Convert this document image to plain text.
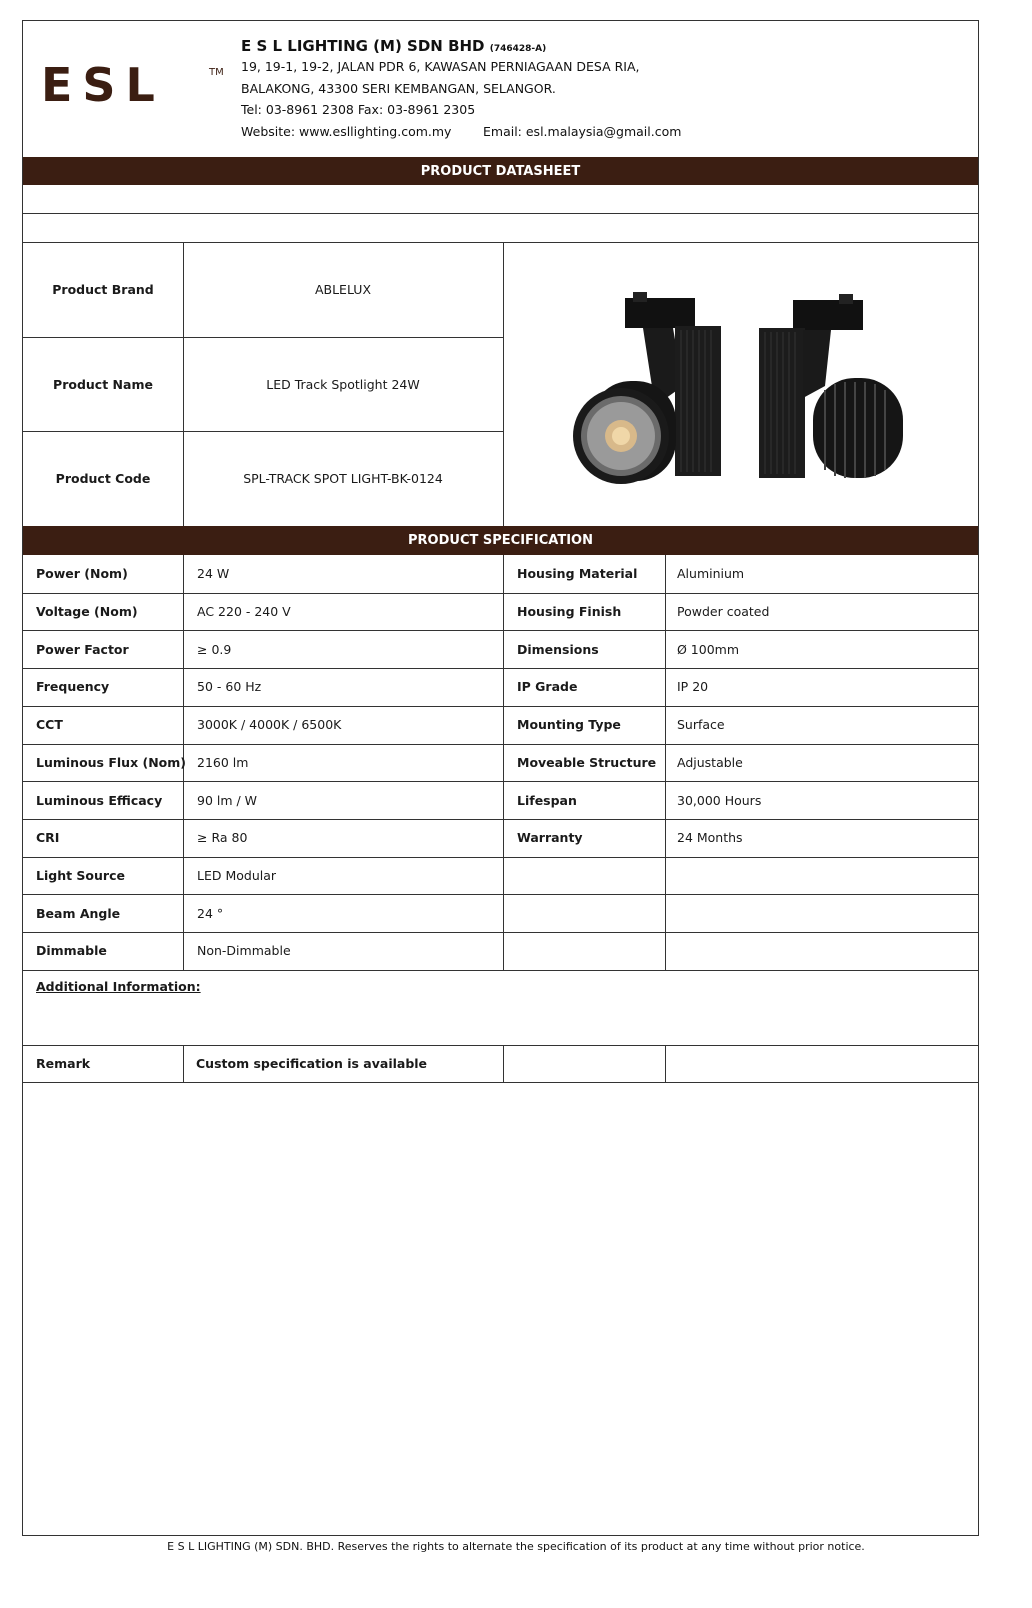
ESL	TM
E S L LIGHTING (M) SDN BHD (746428-A)
19, 19-1, 19-2, JALAN PDR 6, KAWASAN PERNIAGAAN DESA RIA,
BALAKONG, 43300 SERI KEMBANGAN, SELANGOR.
Tel: 03-8961 2308 Fax: 03-8961 2305
Website: www.esllighting.com.my	Email: esl.malaysia@gmail.com
PRODUCT DATASHEET
Product Brand	ABLELUX
Product Name	LED Track Spotlight 24W
Product Code	SPL-TRACK SPOT LIGHT-BK-0124
PRODUCT SPECIFICATION
Power (Nom)	24 W	Housing Material	Aluminium
Voltage (Nom)	AC 220 - 240 V	Housing Finish	Powder coated
Power Factor	≥ 0.9	Dimensions	Ø 100mm
Frequency	50 - 60 Hz	IP Grade	IP 20
CCT	3000K / 4000K / 6500K	Mounting Type	Surface
Luminous Flux (Nom) 2160 lm	Moveable Structure Adjustable
Luminous Efficacy	90 lm / W	Lifespan	30,000 Hours
CRI	≥ Ra 80	Warranty	24 Months
Light Source	LED Modular
Beam Angle	24 °
Dimmable	Non-Dimmable
Additional Information:
Remark	Custom specification is available
E S L LIGHTING (M) SDN. BHD. Reserves the rights to alternate the specification of its product at any time without prior notice.
